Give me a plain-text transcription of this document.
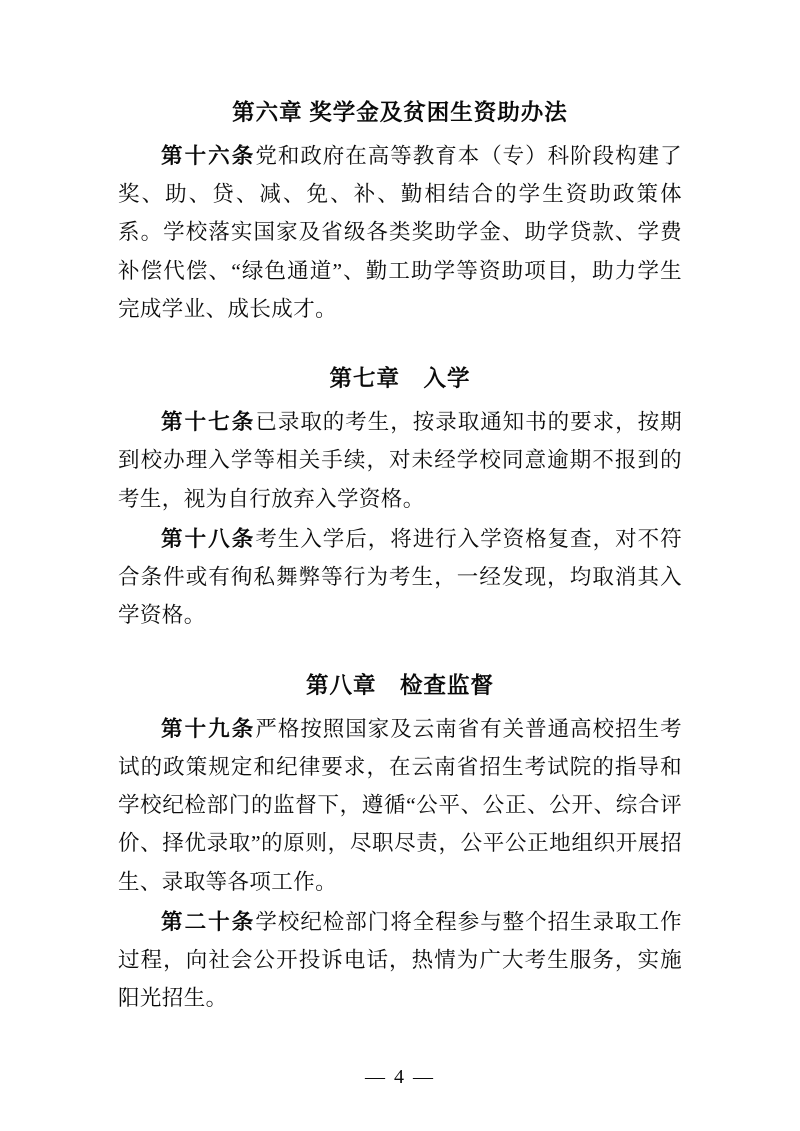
第六章 奖学金及贫困生资助办法

第十六条党和政府在高等教育本（专）科阶段构建了奖、助、贷、减、免、补、勤相结合的学生资助政策体系。学校落实国家及省级各类奖助学金、助学贷款、学费补偿代偿、“绿色通道”、勤工助学等资助项目，助力学生完成学业、成长成才。

第七章　入学

第十七条已录取的考生，按录取通知书的要求，按期到校办理入学等相关手续，对未经学校同意逾期不报到的考生，视为自行放弃入学资格。

第十八条考生入学后，将进行入学资格复查，对不符合条件或有徇私舞弊等行为考生，一经发现，均取消其入学资格。

第八章　检查监督

第十九条严格按照国家及云南省有关普通高校招生考试的政策规定和纪律要求，在云南省招生考试院的指导和学校纪检部门的监督下，遵循“公平、公正、公开、综合评价、择优录取”的原则，尽职尽责，公平公正地组织开展招生、录取等各项工作。

第二十条学校纪检部门将全程参与整个招生录取工作过程，向社会公开投诉电话，热情为广大考生服务，实施阳光招生。

— 4 —
